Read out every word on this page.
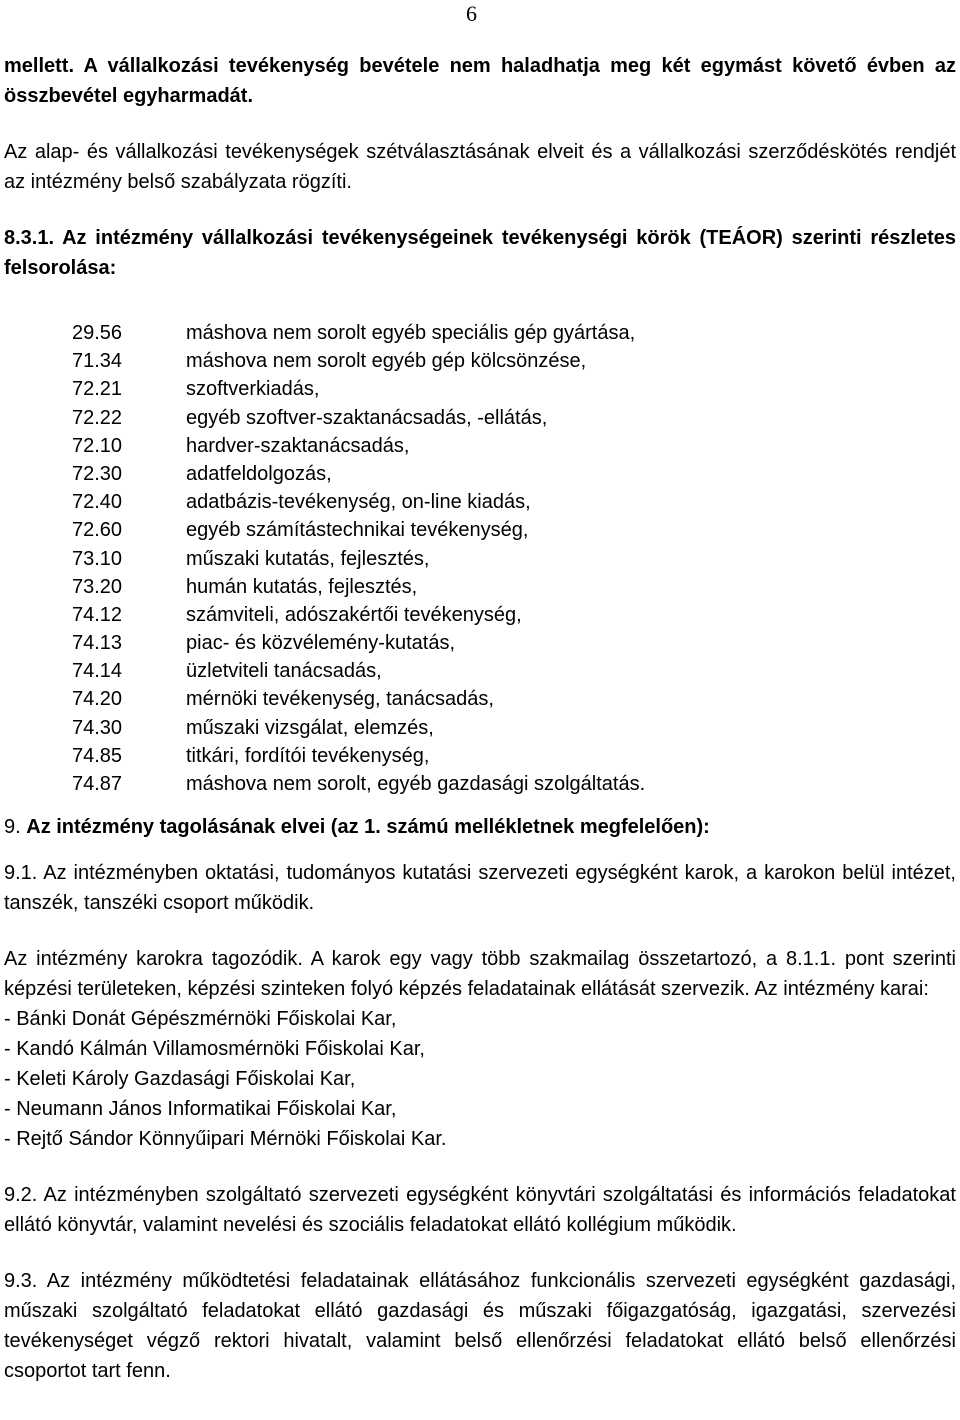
6

mellett. A vállalkozási tevékenység bevétele nem haladhatja meg két egymást követő évben az összbevétel egyharmadát.

Az alap- és vállalkozási tevékenységek szétválasztásának elveit és a vállalkozási szerződéskötés rendjét az intézmény belső szabályzata rögzíti.

8.3.1. Az intézmény vállalkozási tevékenységeinek tevékenységi körök (TEÁOR) szerinti részletes felsorolása:

29.56	máshova nem sorolt egyéb speciális gép gyártása,
71.34	máshova nem sorolt egyéb gép kölcsönzése,
72.21	szoftverkiadás,
72.22	egyéb szoftver-szaktanácsadás, -ellátás,
72.10	hardver-szaktanácsadás,
72.30	adatfeldolgozás,
72.40	adatbázis-tevékenység, on-line kiadás,
72.60	egyéb számítástechnikai tevékenység,
73.10	műszaki kutatás, fejlesztés,
73.20	humán kutatás, fejlesztés,
74.12	számviteli, adószakértői tevékenység,
74.13	piac- és közvélemény-kutatás,
74.14	üzletviteli tanácsadás,
74.20	mérnöki tevékenység, tanácsadás,
74.30	műszaki vizsgálat, elemzés,
74.85	titkári, fordítói tevékenység,
74.87	máshova nem sorolt, egyéb gazdasági szolgáltatás.

9. Az intézmény tagolásának elvei (az 1. számú mellékletnek megfelelően):

9.1. Az intézményben oktatási, tudományos kutatási szervezeti egységként karok, a karokon belül intézet, tanszék, tanszéki csoport működik.

Az intézmény karokra tagozódik. A karok egy vagy több szakmailag összetartozó, a 8.1.1. pont szerinti képzési területeken, képzési szinteken folyó képzés feladatainak ellátását szervezik. Az intézmény karai:

- Bánki Donát Gépészmérnöki Főiskolai Kar,

- Kandó Kálmán Villamosmérnöki Főiskolai Kar,

- Keleti Károly Gazdasági Főiskolai Kar,

- Neumann János Informatikai Főiskolai Kar,

- Rejtő Sándor Könnyűipari Mérnöki Főiskolai Kar.

9.2. Az intézményben szolgáltató szervezeti egységként könyvtári szolgáltatási és információs feladatokat ellátó könyvtár, valamint nevelési és szociális feladatokat ellátó kollégium működik.

9.3. Az intézmény működtetési feladatainak ellátásához funkcionális szervezeti egységként gazdasági, műszaki szolgáltató feladatokat ellátó gazdasági és műszaki főigazgatóság, igazgatási, szervezési tevékenységet végző rektori hivatalt, valamint belső ellenőrzési feladatokat ellátó belső ellenőrzési csoportot tart fenn.
